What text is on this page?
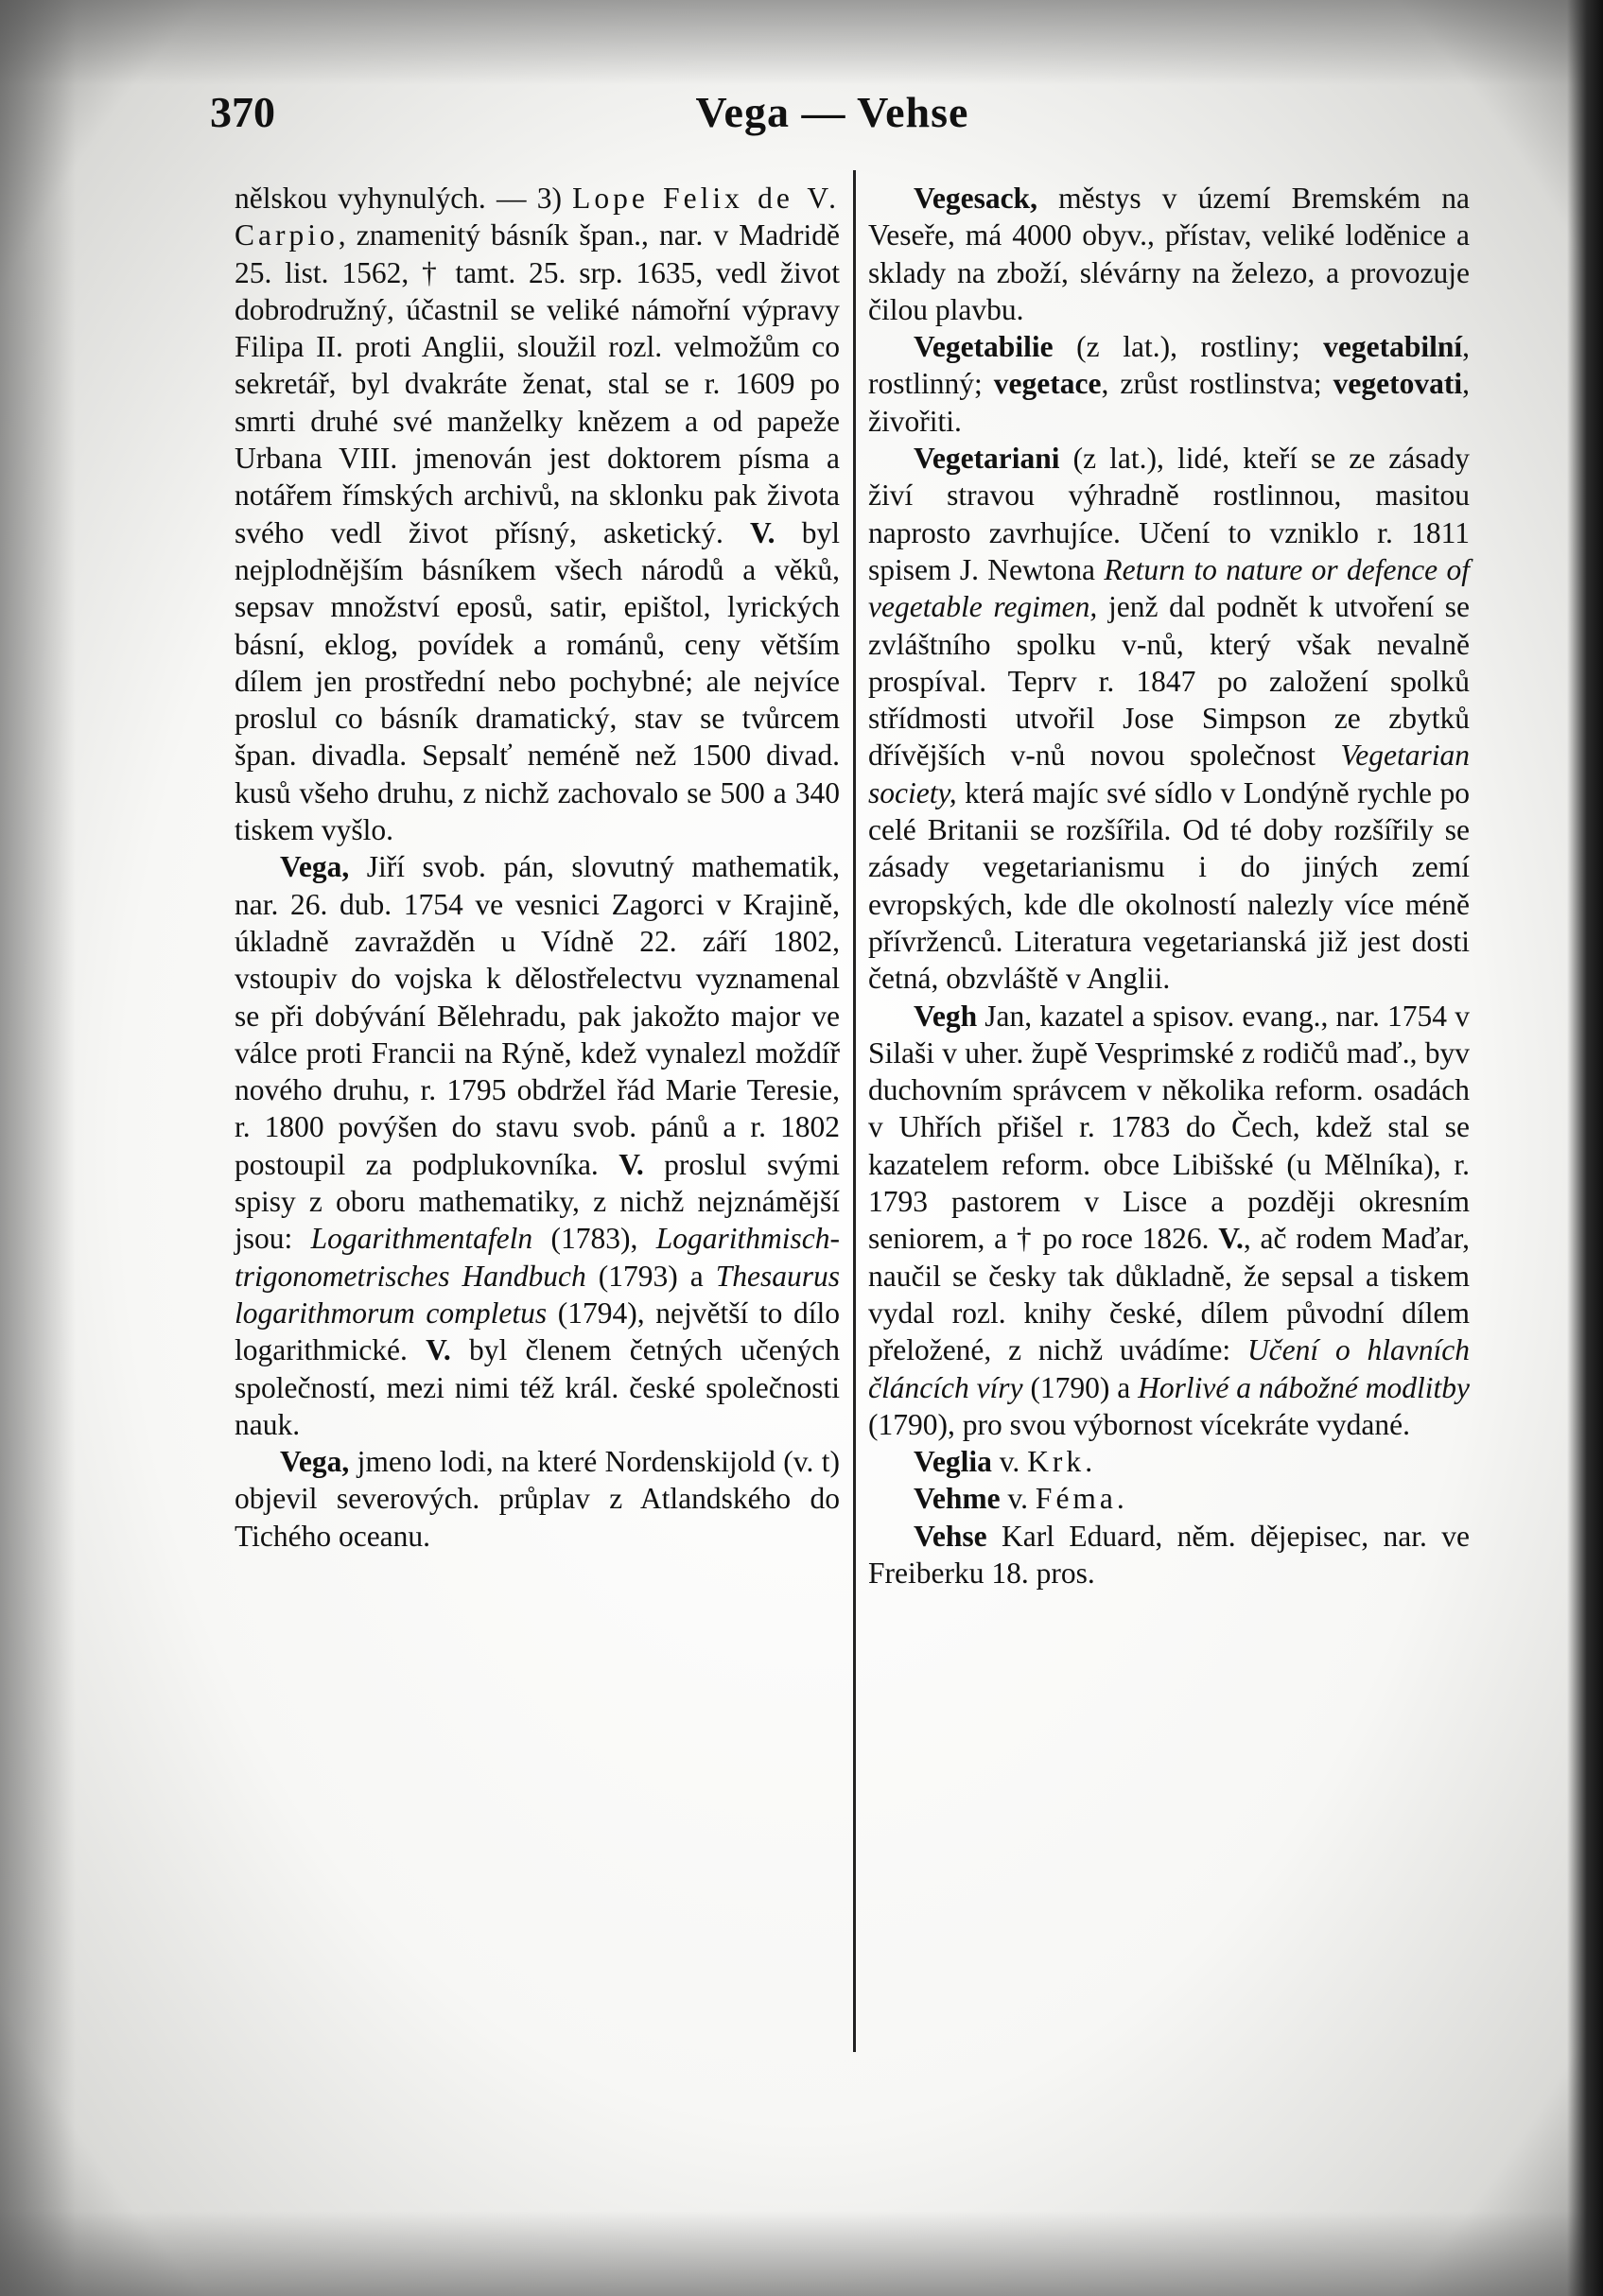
370	Vega — Vehse

nělskou vyhynulých. — 3) Lope Felix de V. Carpio, znamenitý básník špan., nar. v Madridě 25. list. 1562, † tamt. 25. srp. 1635, vedl život dobrodružný, účastnil se veliké námořní výpravy Filipa II. proti Anglii, sloužil rozl. velmožům co sekretář, byl dvakráte ženat, stal se r. 1609 po smrti druhé své manželky knězem a od papeže Urbana VIII. jmenován jest doktorem písma a notářem římských archivů, na sklonku pak života svého vedl život přísný, asketický. V. byl nejplodnějším básníkem všech národů a věků, sepsav množství eposů, satir, epištol, lyrických básní, eklog, povídek a románů, ceny větším dílem jen prostřední nebo pochybné; ale nejvíce proslul co básník dramatický, stav se tvůrcem špan. divadla. Sepsalť neméně než 1500 divad. kusů všeho druhu, z nichž zachovalo se 500 a 340 tiskem vyšlo.

Vega, Jiří svob. pán, slovutný mathematik, nar. 26. dub. 1754 ve vesnici Zagorci v Krajině, úkladně zavražděn u Vídně 22. září 1802, vstoupiv do vojska k dělostřelectvu vyznamenal se při dobývání Bělehradu, pak jakožto major ve válce proti Francii na Rýně, kdež vynalezl moždíř nového druhu, r. 1795 obdržel řád Marie Teresie, r. 1800 povýšen do stavu svob. pánů a r. 1802 postoupil za podplukovníka. V. proslul svými spisy z oboru mathematiky, z nichž nejznámější jsou: Logarithmentafeln (1783), Logarithmisch-trigonometrisches Handbuch (1793) a Thesaurus logarithmorum completus (1794), největší to dílo logarithmické. V. byl členem četných učených společností, mezi nimi též král. české společnosti nauk.

Vega, jmeno lodi, na které Nordenskijold (v. t) objevil severových. průplav z Atlandského do Tichého oceanu.

Vegesack, městys v území Bremském na Veseře, má 4000 obyv., přístav, veliké loděnice a sklady na zboží, slévárny na železo, a provozuje čilou plavbu.

Vegetabilie (z lat.), rostliny; vegetabilní, rostlinný; vegetace, zrůst rostlinstva; vegetovati, živořiti.

Vegetariani (z lat.), lidé, kteří se ze zásady živí stravou výhradně rostlinnou, masitou naprosto zavrhujíce. Učení to vzniklo r. 1811 spisem J. Newtona Return to nature or defence of vegetable regimen, jenž dal podnět k utvoření se zvláštního spolku v-nů, který však nevalně prospíval. Teprv r. 1847 po založení spolků střídmosti utvořil Jose Simpson ze zbytků dřívějších v-nů novou společnost Vegetarian society, která majíc své sídlo v Londýně rychle po celé Britanii se rozšířila. Od té doby rozšířily se zásady vegetarianismu i do jiných zemí evropských, kde dle okolností nalezly více méně přívrženců. Literatura vegetarianská již jest dosti četná, obzvláště v Anglii.

Vegh Jan, kazatel a spisov. evang., nar. 1754 v Silaši v uher. župě Vesprimské z rodičů maď., byv duchovním správcem v několika reform. osadách v Uhřích přišel r. 1783 do Čech, kdež stal se kazatelem reform. obce Libišské (u Mělníka), r. 1793 pastorem v Lisce a později okresním seniorem, a † po roce 1826. V., ač rodem Maďar, naučil se česky tak důkladně, že sepsal a tiskem vydal rozl. knihy české, dílem původní dílem přeložené, z nichž uvádíme: Učení o hlavních článcích víry (1790) a Horlivé a nábožné modlitby (1790), pro svou výbornost vícekráte vydané.

Veglia v. Krk.

Vehme v. Féma.

Vehse Karl Eduard, něm. dějepisec, nar. ve Freiberku 18. pros.
